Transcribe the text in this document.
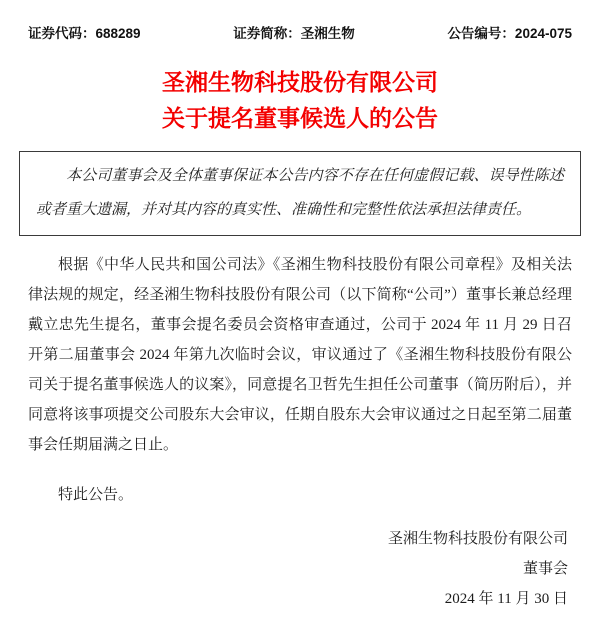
证券代码：688289	证券简称：圣湘生物	公告编号：2024-075
圣湘生物科技股份有限公司
关于提名董事候选人的公告
本公司董事会及全体董事保证本公告内容不存在任何虚假记载、误导性陈述或者重大遗漏，并对其内容的真实性、准确性和完整性依法承担法律责任。

根据《中华人民共和国公司法》《圣湘生物科技股份有限公司章程》及相关法律法规的规定，经圣湘生物科技股份有限公司（以下简称“公司”）董事长兼总经理戴立忠先生提名，董事会提名委员会资格审查通过，公司于 2024 年 11 月 29 日召开第二届董事会 2024 年第九次临时会议，审议通过了《圣湘生物科技股份有限公司关于提名董事候选人的议案》，同意提名卫哲先生担任公司董事（简历附后），并同意将该事项提交公司股东大会审议，任期自股东大会审议通过之日起至第二届董事会任期届满之日止。

特此公告。

圣湘生物科技股份有限公司
董事会
2024 年 11 月 30 日
